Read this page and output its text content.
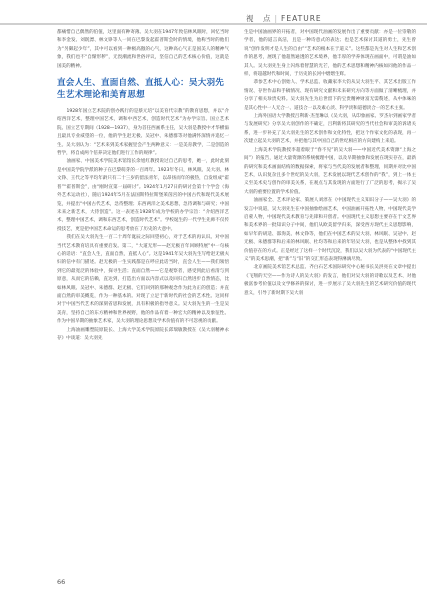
視　点 | FEATURE

都痛惜自己偶然的伯值，这里面有种寄薄。吴大羽在1947年致信林风眠时，回忆当时和李金发、刘既漂、林文铮等人一同在巴黎发起霍普斯会时的情境，他称当时的他们为“另御起少年”，其中可以看到一种极高傲的心气，这种高心气正是国美人的精神气象，我们也不“自惭形秽”，无畏潮流和世俗评议，坚信自己的艺术核心价值，这就是国美的精神。

直会人生、直面自然、直抵人心：吴大羽先生艺术理论和美育思想

1928年国立艺术院的创办践行的是蔡元培“以美育代宗教”的教育思想，并以“介绍西洋艺术，整理中国艺术，调和中西艺术，创造时代艺术”为办学宗旨。国立艺术院、国立艺专期间（1928—1937），身为首任西画系主任，吴大羽是教授中才华横溢且最具专业威望的一位，他的学生赵无极、吴冠中、朱德群等对他满怀深情并追忆一生。吴大羽认为：“艺术来到美术家握里会产生两种意义：一是美育教学，二是创造的哲学，将自成两个倍养决定他们进行工作的规律”。

油画家、中国美术学院美术馆馆长余旭红教授说过自己的思考，她一，此时此刻是中国美学院学派的种子在巴黎萌芽的一百周年。1923年冬日，林风眠、吴大羽、林文铮、王代之等平均年龄只有二十三岁的留法青年，以昂扬而年的极热，自发组成“霍普”“霍普斯会”，由“刚时宣第一届研讨”。1924年1月27日的研讨会第十个学会（海外艺术运动社），随后1924年5月在法国斯特拉斯堡莱茵宫的中国古代和现代美术展览，并提出“中国古代艺术，急待整理；东西两洋之美术思想，急待调和与研究；中国未来之新艺术，大待创造”。这一表述在1928年成为学校的办学宗旨：“介绍西洋艺术，整理中国艺术，调和东西艺术，创造时代艺术”。学校诞生的一代学生先师不仅传授技艺，更是把中国艺术命运的思考放在了历史的大意中。

我们在吴大羽先生一百二十周年诞辰之际回望初心，对于艺术的再认识。对中国当代艺术教育培具有重要启发。第二，“大道无形——赵无极百年回顾特展”中一句核心的话语：“直会人生，直面自然，直抵人心”。这是1941年吴大羽先生写给赵无极夫妇的信中有门描述。赵无极的一生实践都是在呼应此话当时，直会人生——我们领悟到它的最宽泛的体验中，探寻生活；直面自然——它是观察者，感受到此后看清与到原意，从而它的信赖，直达到，打造出方面以内容式以及回归自然进步自然情态，比如林风眠、吴冠中、朱德群、赵无极、它们回到的那种观念作为此为正的创造；并直面自然的审美概览，作为一种基本的。对现了立足于新时代的社会的艺术性。这同样对于中国当代艺术的深刻省思和发展，具有积极的指导意义。吴大羽先生的一生是吴美育，坚持自己的东方精神和世界视野，他的作品有着一种宏大的精神以及象征性。作为中国早期的抽象艺术家，吴大羽的理论思想及学术价值有的不可忽视的贡献。

上海油画雕塑院原院长、上海大学美术学院原院长邱瑞敏教授在《吴大羽精神永存》中谈道：吴大羽先

生是中国油画界的开拓者，对中国现代油画的发展作出了重要贡献：亦是一位崇敬的学者，他的道言高洁，且是一种诗意式的表达；也是艺术探讨其道的勇士，先生曾说“创作发明才是人生的自由”“艺术的根本在于道义”。这些都是先生对人生和艺术创作的思考，展现了他超然通透的艺术境界，他丰厚的学养体现在画面中，可谓是油如其人。吴大羽先生身上闪烁着智慧的光芒，他的艺术思想和精神内核如同他的作品一样，将超越时代和时间，于历史的长河中熠熠生辉。

恭参艺术中心创始人、学术总监、收藏家李大钧从吴大羽生平、其艺术出版工作情况、存世作品和手稿情况、现有研究文献和未来研究方向等方面做了清晰梳理，并分享了相关珍贵史料。吴大羽先生为后世留下的宝贵精神财富无需赘述，从中体味的是其心性中一人无合一、道技合一以及素心淡、科学淡和道德淡合一的艺术主张。

上海外国语大学教授吕利新·杰奎琳以《吴大羽，从印象画家、罗杰尔到画家学者与发展研究》分享吴大羽创作的不确定，吕利新将其研究的当代社会和审美的诉诸关系，进一步补充了吴大羽先生的艺术创作和文化特性，把这个作家文化的表现，再一次建立起吴大羽的艺术，并把他与其中国自己的世纪相应的方向建构上来追。

上海美术学院教授李超着眼于“春不见”的吴大羽——中国近代美术资源“上海之间”）的报告，通过大量资源的系统梳理中国，以及早期抽象和发展在现实存在，最新的研究和美术画面结构的数据探索，将家与当代美的发展者和整理，同期并对比中国艺术，认识复杂且多个世纪的吴大羽，艺术发展以现代艺术创作的“我”，到上一体主义至美术史与创作的审美关系，在观点与其发现的方面进行了广泛的思考，揭示了吴大羽的重要位置的学术价值。

油画家全、艺术评论家、策展人刘淳在《中国现代主义知识分子——吴大羽》的发言中说道，吴大羽先生在中国抽象绘画艺术，中国油画开拓性人物，中国现代美学启蒙人物，中国现代美术教育与先锋和开创者。中国现代主义思想主要存在于文艺界和美术界的一批知识分子中间，他们从欧美留学归来，深受西方现代主义思想影响，如早年的胡适、邵洵美、林文铮等，他们在中国艺术的吴大羽、林风眠、吴冠中、赵无极、朱德群等和后来的林风眠、杜均等和后来的年轻吴大羽，也是从整体中找到其价值存在的方式。正是经过了这样一个时代沉淀，我们以吴大羽为代表的“中国现代主义”的美术思潮，把“新”与“旧”的交汇形态表现得淋漓尽致。

北京画院美术馆艺术总监、齐白石艺术国际研究中心秘书长吴洪亮在文章中提出《飞翔的天空——作为诗人的吴大羽》的发言，他们对吴大羽的诗歌以及艺术、对他极富参考价值以及文学修养的探讨，进一步展示了吴大羽先生的艺术研究价值的现代意义，引导了新时期下吴大羽

66
